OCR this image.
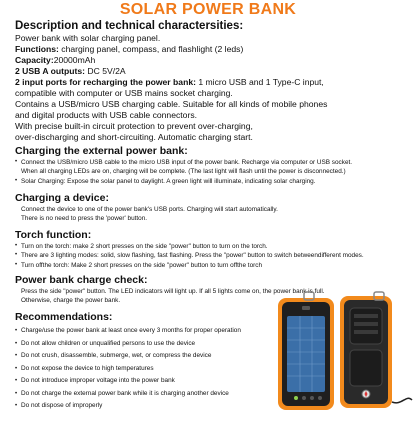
SOLAR POWER BANK
Description and technical charactersities:
Power bank with solar charging panel.
Functions: charging panel, compass, and flashlight (2 leds)
Capacity:20000mAh
2 USB A outputs: DC 5V/2A
2 input ports for recharging the power bank: 1 micro USB and 1 Type-C input,
compatible with computer or USB mains socket charging.
Contains a USB/micro USB charging cable. Suitable for all kinds of mobile phones
and digital products with USB cable connectors.
With precise built-in circuit protection to prevent over-charging,
over-discharging and short-circuiting. Automatic charging start.
Charging the external power bank:
• Connect the USB/micro USB cable to the micro USB input of the power bank. Recharge via computer or USB socket.
When all charging LEDs are on, charging will be complete. (The last light will flash until the power is disconnected.)
• Solar Charging: Expose the solar panel to daylight. A green light will illuminate, indicating solar charging.
Charging a device:
Connect the device to one of the power bank's USB ports. Charging will start automatically.
There is no need to press the 'power' button.
Torch function:
• Turn on the torch: make 2 short presses on the side "power" button to turn on the torch.
• There are 3 lighting modes: solid, slow flashing, fast flashing. Press the "power" button to switch betweendifferent modes.
• Turn offthe torch: Make 2 short presses on the side "power" button to turn offthe torch
Power bank charge check:
Press the side "power" button. The LED indicators will light up. If all 5 lights come on, the power bank is full.
Otherwise, charge the power bank.
Recommendations:
• Charge/use the power bank at least once every 3 months for proper operation
• Do not allow children or unqualified persons to use the device
• Do not crush, disassemble, submerge, wet, or compress the device
• Do not expose the device to high temperatures
• Do not introduce improper voltage into the power bank
• Do not charge the external power bank while it is charging another device
• Do not dispose of improperly
